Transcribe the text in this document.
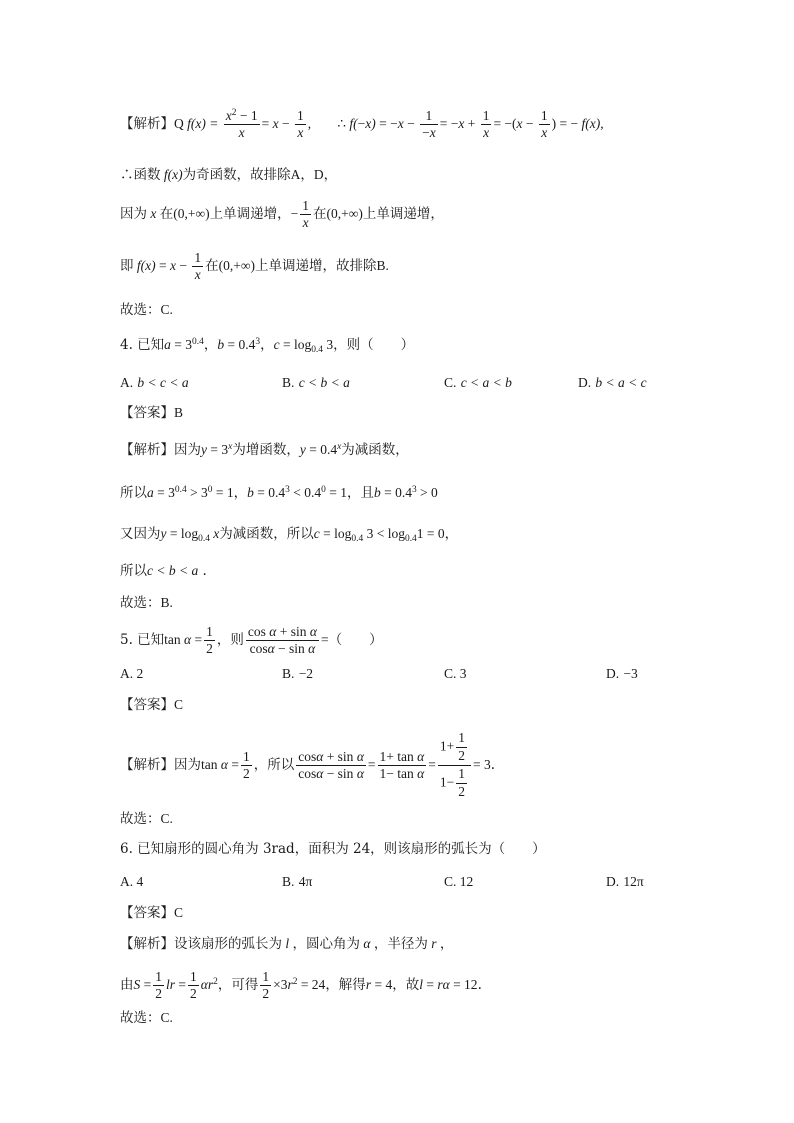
【解析】Q $f(x) = \frac{x^2 - 1}{x} = x - \frac{1}{x}$ , ∴ $f(-x) = -x - \frac{1}{-x} = -x + \frac{1}{x} = -(x - \frac{1}{x}$ ) = − f(x),
∴函数 f(x)为奇函数，故排除A，D，
因为 x 在(0,+∞)上单调递增，− $\frac{1}{x}$ 在(0,+∞)上单调递增，
即 $f(x) = x - \frac{1}{x}$ 在(0,+∞)上单调递增，故排除B.
故选：C.
4. 已知$a = 3^{0.4}$，$b = 0.4^3$，$c = \log_{0.4} 3$，则（　　）
A. b < c < a	B. c < b < a	C. c < a < b	D. b < a < c
【答案】B
【解析】因为$y = 3^x$为增函数，$y = 0.4^x$为减函数，
所以$a = 3^{0.4} > 3^0 = 1$，$b = 0.4^3 < 0.4^0 = 1$，且$b = 0.4^3 > 0$
又因为$y = \log_{0.4} x$为减函数，所以$c = \log_{0.4} 3 < \log_{0.4}1 = 0$，
所以c < b < a .
故选：B.
5. 已知$\tan \alpha = \frac{1}{2}$ ，则 $\frac{\text{cos α + sin α}}{\text{cosα − sin α}}$ =（　　）
A. 2	B. −2	C. 3	D. −3
【答案】C
【解析】因为$\tan \alpha = \frac{1}{2}$ ，所以 $\frac{\text{cosα + sin α}}{\text{cosα − sin α}} = \frac{\text{1+ tan α}}{\text{1− tan α}} = \frac{1+ \frac{1}{2}}{1- \frac{1}{2}} = 3$.
故选：C.
6. 已知扇形的圆心角为 3rad，面积为 24，则该扇形的弧长为（　　）
A. 4	B. 4π	C. 12	D. 12π
【答案】C
【解析】设该扇形的弧长为 l ，圆心角为 α ，半径为 r ，
由$S = \frac{1}{2}$ lr = $\frac{1}{2} \alpha r^2$，可得 $\frac{1}{2} \times 3r^2 = 24$，解得r = 4，故l = rα = 12.
故选：C.
